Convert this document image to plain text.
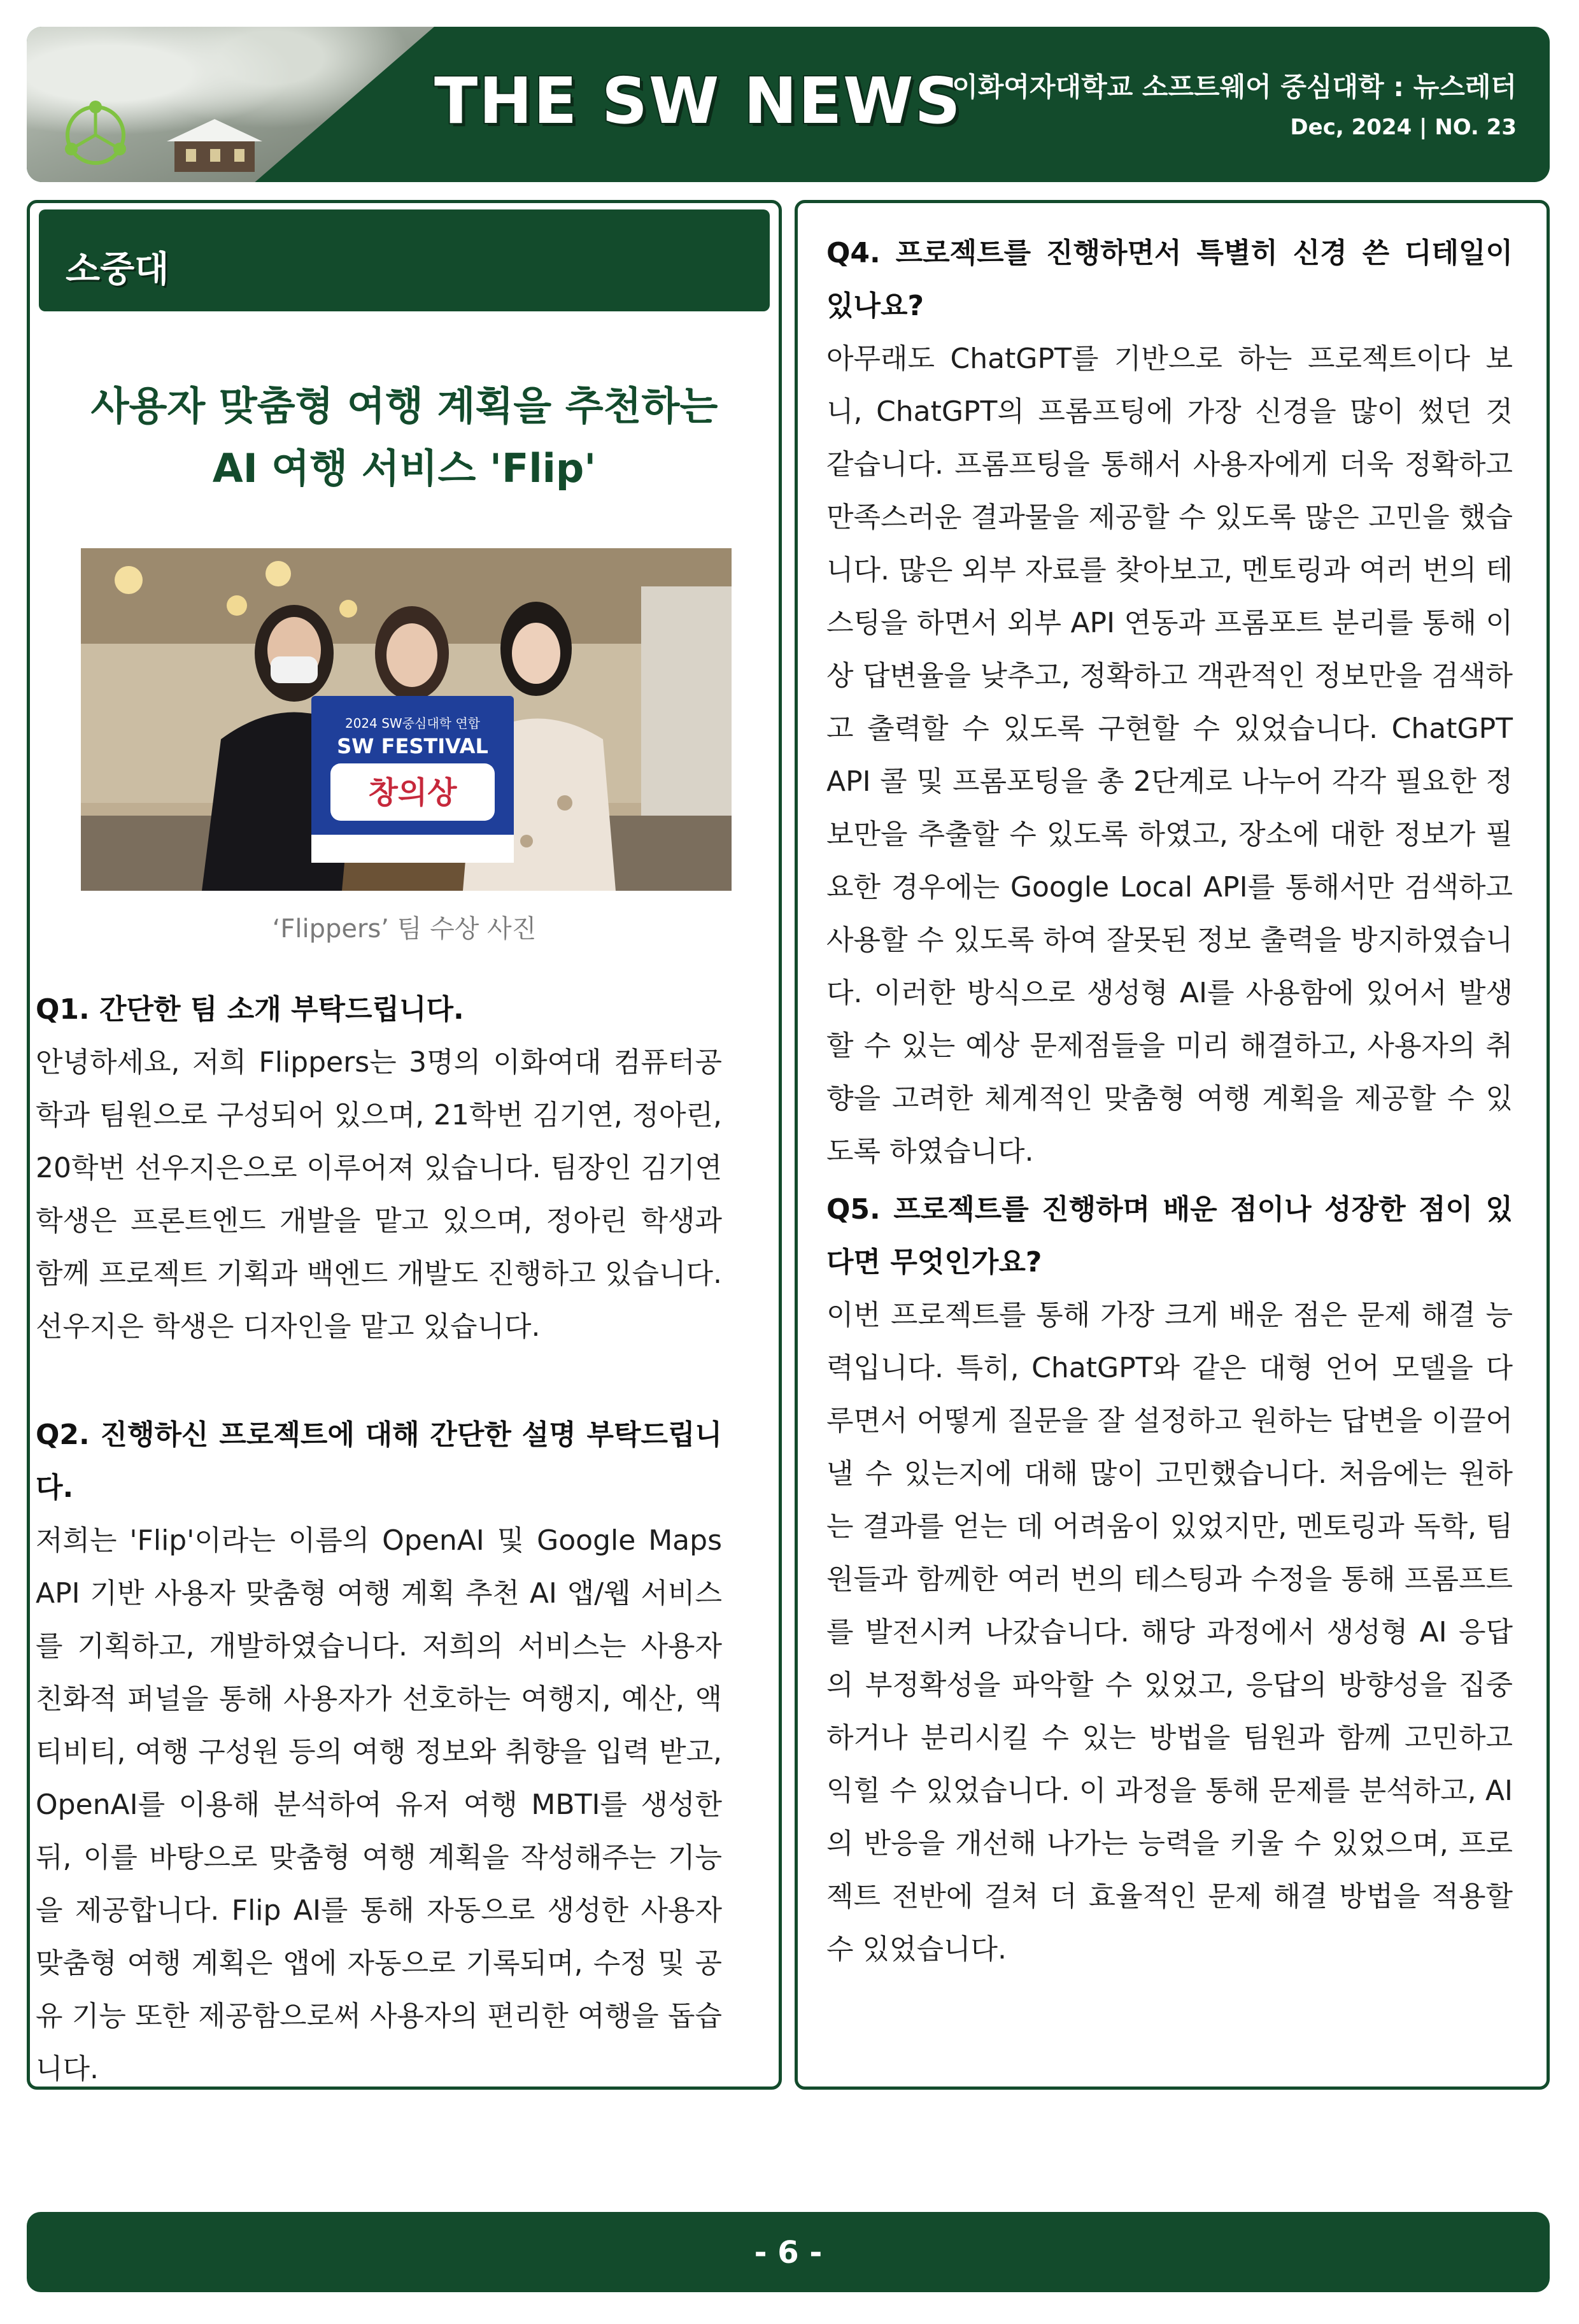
THE SW NEWS
이화여자대학교 소프트웨어 중심대학 : 뉴스레터
Dec, 2024 | NO. 23
소중대
사용자 맞춤형 여행 계획을 추천하는
AI 여행 서비스 'Flip'
2024 SW중심대학 연합
SW FESTIVAL
창의상
‘Flippers’ 팀 수상 사진

Q1. 간단한 팀 소개 부탁드립니다.

안녕하세요, 저희 Flippers는 3명의 이화여대 컴퓨터공학과 팀원으로 구성되어 있으며, 21학번 김기연, 정아린, 20학번 선우지은으로 이루어져 있습니다. 팀장인 김기연 학생은 프론트엔드 개발을 맡고 있으며, 정아린 학생과 함께 프로젝트 기획과 백엔드 개발도 진행하고 있습니다. 선우지은 학생은 디자인을 맡고 있습니다.

Q2. 진행하신 프로젝트에 대해 간단한 설명 부탁드립니다.

저희는 'Flip'이라는 이름의 OpenAI 및 Google Maps API 기반 사용자 맞춤형 여행 계획 추천 AI 앱/웹 서비스를 기획하고, 개발하였습니다. 저희의 서비스는 사용자 친화적 퍼널을 통해 사용자가 선호하는 여행지, 예산, 액티비티, 여행 구성원 등의 여행 정보와 취향을 입력 받고, OpenAI를 이용해 분석하여 유저 여행 MBTI를 생성한 뒤, 이를 바탕으로 맞춤형 여행 계획을 작성해주는 기능을 제공합니다. Flip AI를 통해 자동으로 생성한 사용자 맞춤형 여행 계획은 앱에 자동으로 기록되며, 수정 및 공유 기능 또한 제공함으로써 사용자의 편리한 여행을 돕습니다.

Q4. 프로젝트를 진행하면서 특별히 신경 쓴 디테일이 있나요?

아무래도 ChatGPT를 기반으로 하는 프로젝트이다 보니, ChatGPT의 프롬프팅에 가장 신경을 많이 썼던 것 같습니다. 프롬프팅을 통해서 사용자에게 더욱 정확하고 만족스러운 결과물을 제공할 수 있도록 많은 고민을 했습니다. 많은 외부 자료를 찾아보고, 멘토링과 여러 번의 테스팅을 하면서 외부 API 연동과 프롬포트 분리를 통해 이상 답변율을 낮추고, 정확하고 객관적인 정보만을 검색하고 출력할 수 있도록 구현할 수 있었습니다. ChatGPT API 콜 및 프롬포팅을 총 2단계로 나누어 각각 필요한 정보만을 추출할 수 있도록 하였고, 장소에 대한 정보가 필요한 경우에는 Google Local API를 통해서만 검색하고 사용할 수 있도록 하여 잘못된 정보 출력을 방지하였습니다. 이러한 방식으로 생성형 AI를 사용함에 있어서 발생할 수 있는 예상 문제점들을 미리 해결하고, 사용자의 취향을 고려한 체계적인 맞춤형 여행 계획을 제공할 수 있도록 하였습니다.

Q5. 프로젝트를 진행하며 배운 점이나 성장한 점이 있다면 무엇인가요?

이번 프로젝트를 통해 가장 크게 배운 점은 문제 해결 능력입니다. 특히, ChatGPT와 같은 대형 언어 모델을 다루면서 어떻게 질문을 잘 설정하고 원하는 답변을 이끌어낼 수 있는지에 대해 많이 고민했습니다. 처음에는 원하는 결과를 얻는 데 어려움이 있었지만, 멘토링과 독학, 팀원들과 함께한 여러 번의 테스팅과 수정을 통해 프롬프트를 발전시켜 나갔습니다. 해당 과정에서 생성형 AI 응답의 부정확성을 파악할 수 있었고, 응답의 방향성을 집중하거나 분리시킬 수 있는 방법을 팀원과 함께 고민하고 익힐 수 있었습니다. 이 과정을 통해 문제를 분석하고, AI의 반응을 개선해 나가는 능력을 키울 수 있었으며, 프로젝트 전반에 걸쳐 더 효율적인 문제 해결 방법을 적용할 수 있었습니다.

- 6 -
